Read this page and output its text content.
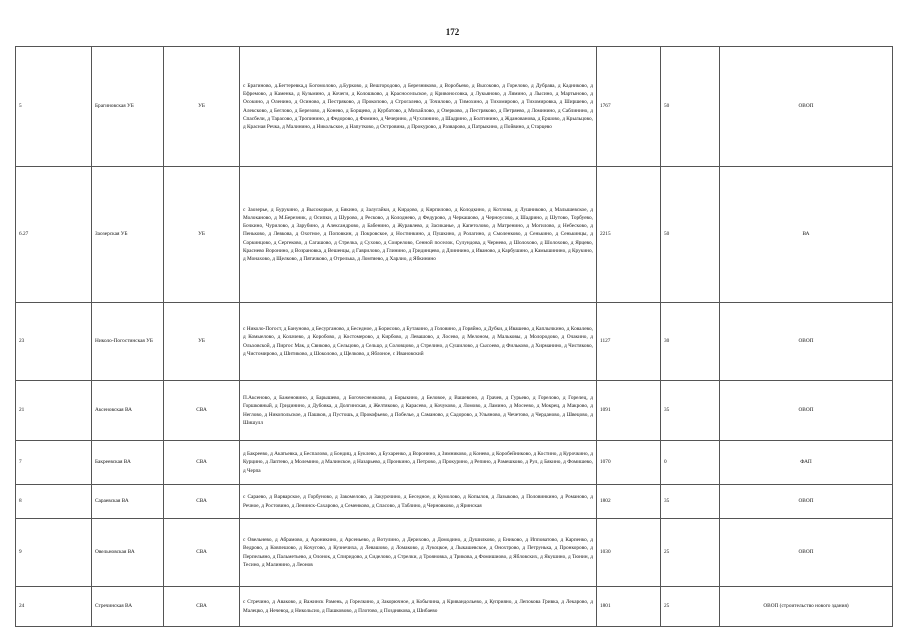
172
5	Брагиновская УБ	УБ	с Брагиново, д.Бегтеревка,д Богомолово, д.Бурково, д Вешгородово, д Березниково, д Воробьево, д Высоково, д Горелово, д Дубрава, д Кадниково, д Ефремово, д Каменка, д Кузьмино, д Кочеги, д Колошково, д Красносельское, д Кривоносовка, д Лукьяново, д Лямино, д Лысино, д Мартыново, д Осокино, д Оленино, д Осиново, д Пестряково, д Прокопово, д Строгалево, д Точилово, д Тимохино, д Тихомирово, д Тихомировка, д Ширшево, д Алексково, д Беглово, д Березово, д Конево, д Борщево, д Курбатово, д Михайлово, д Озерково, д Пестряково, д Петряево, д Ломинино, д Саблинино, д Спасбели, д Тарасово, д Тропинино, д Федорово, д Фомино, д Чечерино, д Чухлинино, д Шадрино, д Болтинино, д Жданованова, д Ершово, д Крыльцово, д Красная Речка, д Малинино, д Никольское, д Напутково, д Островина, д Прокурово, д Разварово, д Патрыкино, д Пойвино, д Старцево	1767	50	ОВОП
6.27	Заозерская УБ	УБ	с Заозерье, д Бурукино, д Высокорые, д Бякино, д Залугайки, д Кирдово, д Кирпилово, д Колодкино, д Котлова, д Лушниково, д Малышевское, д Молоканово, д М.Березник, д Осипки, д Шурово, д Ресково, д Колоднево, д Федурово, д Черкашово, д Черноусово, д Шадрино, д Шутово, Торбуево, Бочкино, Чурилово, д Зарубино, д Александрово, д Бабенино, д Журавлево, д Засиканье, д Капетолово, д Матренино, д Могилово, д Небесково, д Пеньково, д Левкова, д Охотное, д Поповкин, д Покровское, д Ностинкино, д Пушкино, д Ролагино, д Смоленково, д Сенькино, д Сенькинцы, д Соркинцово, д Сергеково, д Сагашово, д Стрелка, д Сухово, д Соирелово, Сенной поселок, Сулундова, д Чернево, д Шолохово, д Шолохово, д Ярцево, Краснево Воронино, д Возрановка, д Вешенцы, д Гаврилово, д Глинино, д Гридинцево, д Длиннино, д Иваново, д Карбушино, д Камышинино, д Крукино, д Монахово, д Щелково, д Пятачково, д Отрелька, д Ломтяево, д Харлио, д Ябкинино	2215	50	ВА
23	Николо-Погостинская УБ	УБ	с Николо-Погост, д Бануново, д Бесурганово, д Беседное, д Борисово, д Бутакино, д Головино, д Горяйно, д Дубки, д Ивашево, д Каплычкино, д Ковалево, д Комыелово, д Колачево, д Коробово, д Костомерово, д Кирбово, д Левашово, д Лосево, д Мелоном, д Мальковы, д Молородово, д Очакино, д Ольховской, д Пиргос Мак, д Свиково, д Сельцово, д Сельцо, д Соловцово, д Стрелино, д Сушилово, д Сысоево, д Фильково, д Хирманино, д Чистяково, д Чистомирово, д Шитиково, д Шоколово, д Щелково, д Яблоное, с Ивановский	1127	30	ОВОП
21	Аксеновская ВА	СВА	П.Аксеново, д Баженовино, д Барышево, д Богочеснежково, д Борыкино, д Беловое, д Вашевоно, д Грачев, д Гурьево, д Горелово, д Горелец, д Горшковный, д Гридинино, д Дубовка, д Долгинская, д Желтяково, д Карасево, д Кочуково, д Ломово, д Ламино, д Мосеево, д Мокрец, д Макрово, д Неглово, д Никопольское, д Пашков, д Пустошь, д Прокофьево, д Побелье, д Саманово, д Садорово, д Ульяново, д Чечетово, д Черданово, д Швецово, д Шишулл	1091	35	ОВОП
7	Бакреевская ВА	СВА	д Бакреево, д Акатьевка, д Беспалово, д Бондиц, д Буклево, д Бухаренко, д Воронино, д Зимниково, д Конево, д Коробейниково, д Костино, д Курочкино, д Курцино, д Лаптево, д Молемино, д Малинское, д Назарьево, д Пронкино, д Петрово, д Прокурино, д Репино, д Рамешково, д Рул, д Бякино, д Фомишево, д Черпа	1070	0	ФАП
8	Сараевская ВА	СВА	с Сараево, д Варварское, д Горбуново, д Закомелово, д Закурочино, д Беседное, д Кумолово, д Копылов, д Лазыково, д Половинкино, д Романово, д Речное, д Ростовино, д Ленинск-Сахарово, д Семенково, д Спасово, д Таблино, д Черновково, д Яринская	1802	35	ОВОП
9	Овельновская ВА	СВА	с Овельнево, д Абрамово, д Ароникино, д Арсеньево, д Вотулино, д Дерихово, д Домодино, д Душилково, д Ениково, д Ипповатово, д Карпенко, д Ведрово, д Ковпешово, д Кочугово, д Кузнечиха, д Левашово, д Ломаково, д Лукоцкое, д Лыкашевское, д Онохтрово, д Петрунька, д Пронкорово, д Перпельяно, д Пальметьево, д Олонок, д Спиридово, д Сиделово, д Стрелки, д Трояновка, д Трикова, д Фомишиово, д Ябловских, д Якушино, д Тюнин, д Тесино, д Малинино, д Леонов	1030	25	ОВОП
24	Стречинская ВА	СВА	с Стречино, д Аваково, д Важинск Рамень, д Горелкино, д Закорючное, д Кобычина, д Кривандольево, д Куприяно, д Лепокова Гривка, д Лекарово, д Малецко, д Нечевод, д Никольсио, д Пашковово, д Плотово, д Позднякова, д Шибаево	1801	25	ОВОП (строительство нового здания)
